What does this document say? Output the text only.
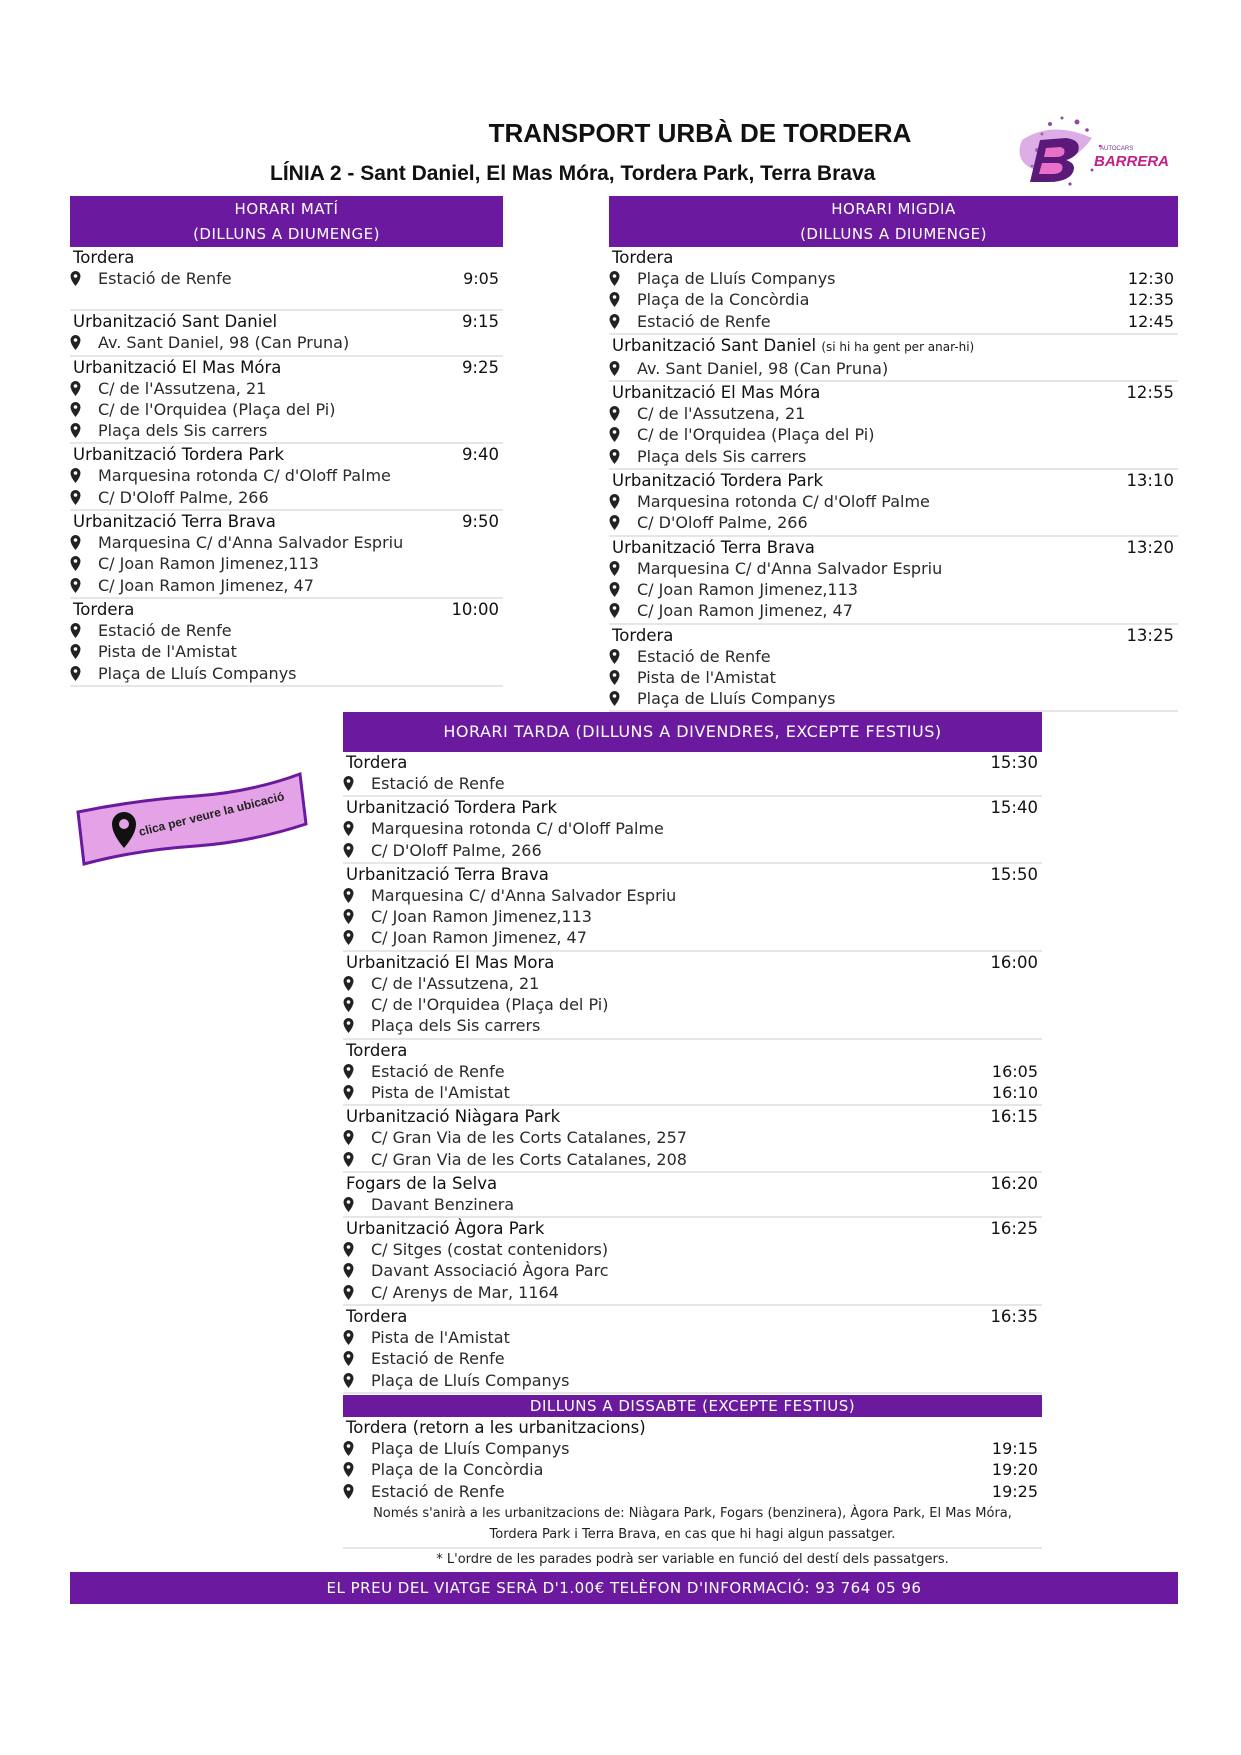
TRANSPORT URBÀ DE TORDERA
LÍNIA 2 - Sant Daniel, El Mas Móra, Tordera Park, Terra Brava
AUTOCARS
BARRERA
HORARI MATÍ
(DILLUNS A DIUMENGE)
Tordera
Estació de Renfe	9:05
Urbanització Sant Daniel	9:15
Av. Sant Daniel, 98 (Can Pruna)
Urbanització El Mas Móra	9:25
C/ de l'Assutzena, 21
C/ de l'Orquidea (Plaça del Pi)
Plaça dels Sis carrers
Urbanització Tordera Park	9:40
Marquesina rotonda C/ d'Oloff Palme
C/ D'Oloff Palme, 266
Urbanització Terra Brava	9:50
Marquesina C/ d'Anna Salvador Espriu
C/ Joan Ramon Jimenez,113
C/ Joan Ramon Jimenez, 47
Tordera	10:00
Estació de Renfe
Pista de l'Amistat
Plaça de Lluís Companys
HORARI MIGDIA
(DILLUNS A DIUMENGE)
Tordera
Plaça de Lluís Companys	12:30
Plaça de la Concòrdia	12:35
Estació de Renfe	12:45
Urbanització Sant Daniel (si hi ha gent per anar-hi)
Av. Sant Daniel, 98 (Can Pruna)
Urbanització El Mas Móra	12:55
C/ de l'Assutzena, 21
C/ de l'Orquidea (Plaça del Pi)
Plaça dels Sis carrers
Urbanització Tordera Park	13:10
Marquesina rotonda C/ d'Oloff Palme
C/ D'Oloff Palme, 266
Urbanització Terra Brava	13:20
Marquesina C/ d'Anna Salvador Espriu
C/ Joan Ramon Jimenez,113
C/ Joan Ramon Jimenez, 47
Tordera	13:25
Estació de Renfe
Pista de l'Amistat
Plaça de Lluís Companys
HORARI TARDA (DILLUNS A DIVENDRES, EXCEPTE FESTIUS)
Tordera	15:30
Estació de Renfe
Urbanització Tordera Park	15:40
Marquesina rotonda C/ d'Oloff Palme
C/ D'Oloff Palme, 266
Urbanització Terra Brava	15:50
Marquesina C/ d'Anna Salvador Espriu
C/ Joan Ramon Jimenez,113
C/ Joan Ramon Jimenez, 47
Urbanització El Mas Mora	16:00
C/ de l'Assutzena, 21
C/ de l'Orquidea (Plaça del Pi)
Plaça dels Sis carrers
Tordera
Estació de Renfe	16:05
Pista de l'Amistat	16:10
Urbanització Niàgara Park	16:15
C/ Gran Via de les Corts Catalanes, 257
C/ Gran Via de les Corts Catalanes, 208
Fogars de la Selva	16:20
Davant Benzinera
Urbanització Àgora Park	16:25
C/ Sitges (costat contenidors)
Davant Associació Àgora Parc
C/ Arenys de Mar, 1164
Tordera	16:35
Pista de l'Amistat
Estació de Renfe
Plaça de Lluís Companys
DILLUNS A DISSABTE (EXCEPTE FESTIUS)
Tordera (retorn a les urbanitzacions)
Plaça de Lluís Companys	19:15
Plaça de la Concòrdia	19:20
Estació de Renfe	19:25
Només s'anirà a les urbanitzacions de: Niàgara Park, Fogars (benzinera), Àgora Park, El Mas Móra,
Tordera Park i Terra Brava, en cas que hi hagi algun passatger.
* L'ordre de les parades podrà ser variable en funció del destí dels passatgers.
clica per veure la ubicació
EL PREU DEL VIATGE SERÀ D'1.00€ TELÈFON D'INFORMACIÓ: 93 764 05 96
